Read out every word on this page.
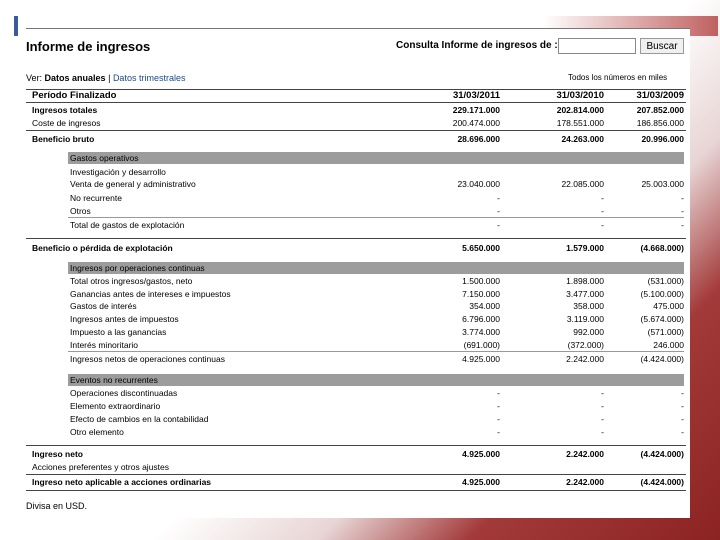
Informe de ingresos	Consulta Informe de ingresos de :	Buscar
Ver: Datos anuales | Datos trimestrales	Todos los números en miles
Período Finalizado	31/03/2011	31/03/2010	31/03/2009
Ingresos totales	229.171.000	202.814.000	207.852.000
Coste de ingresos	200.474.000	178.551.000	186.856.000
Beneficio bruto	28.696.000	24.263.000	20.996.000
Gastos operativos
Investigación y desarrollo
Venta de general y administrativo	23.040.000	22.085.000	25.003.000
No recurrente	-	-	-
Otros	-	-	-
Total de gastos de explotación	-	-	-
Beneficio o pérdida de explotación	5.650.000	1.579.000	(4.668.000)
Ingresos por operaciones continuas
Total otros ingresos/gastos, neto	1.500.000	1.898.000	(531.000)
Ganancias antes de intereses e impuestos	7.150.000	3.477.000	(5.100.000)
Gastos de interés	354.000	358.000	475.000
Ingresos antes de impuestos	6.796.000	3.119.000	(5.674.000)
Impuesto a las ganancias	3.774.000	992.000	(571.000)
Interés minoritario	(691.000)	(372.000)	246.000
Ingresos netos de operaciones continuas	4.925.000	2.242.000	(4.424.000)
Eventos no recurrentes
Operaciones discontinuadas	-	-	-
Elemento extraordinario	-	-	-
Efecto de cambios en la contabilidad	-	-	-
Otro elemento	-	-	-
Ingreso neto	4.925.000	2.242.000	(4.424.000)
Acciones preferentes y otros ajustes
Ingreso neto aplicable a acciones ordinarias	4.925.000	2.242.000	(4.424.000)
Divisa en USD.
